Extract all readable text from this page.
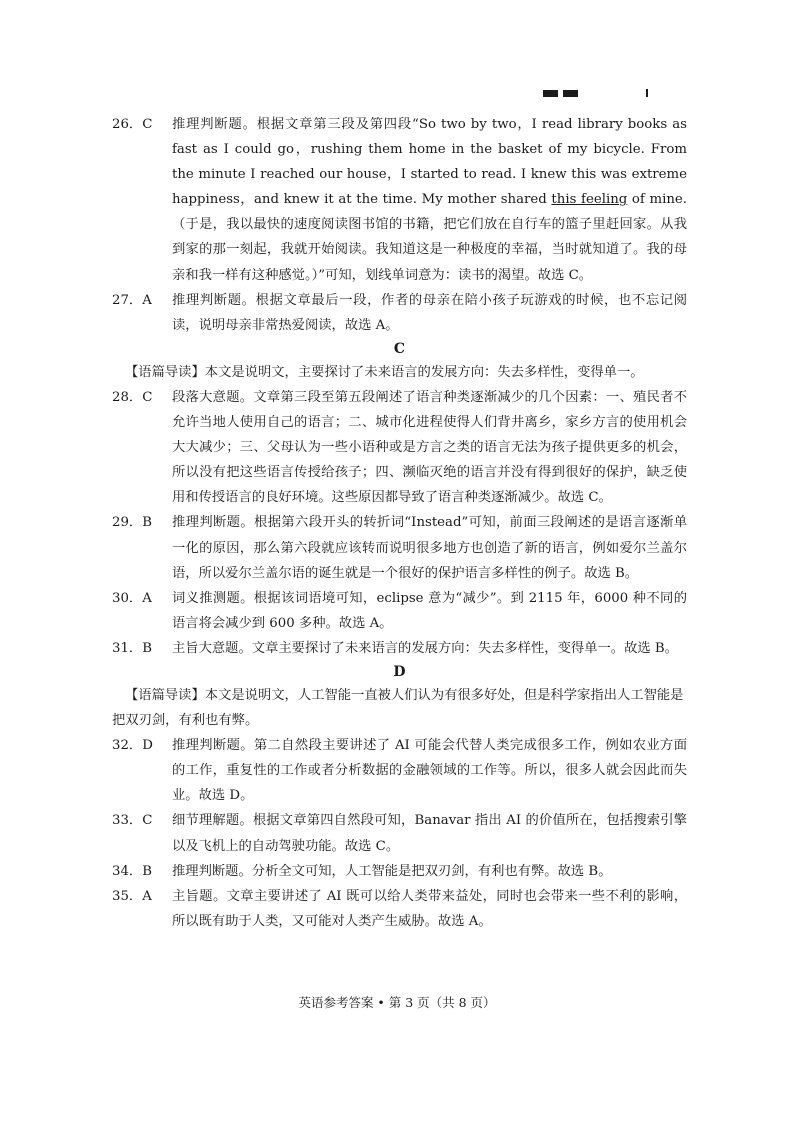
26．C 推理判断题。根据文章第三段及第四段“So two by two，I read library books as fast as I could go，rushing them home in the basket of my bicycle. From the minute I reached our house，I started to read. I knew this was extreme happiness，and knew it at the time. My mother shared this feeling of mine.（于是，我以最快的速度阅读图书馆的书籍，把它们放在自行车的篮子里赶回家。从我到家的那一刻起，我就开始阅读。我知道这是一种极度的幸福，当时就知道了。我的母亲和我一样有这种感觉。）”可知，划线单词意为：读书的渴望。故选 C。

27．A 推理判断题。根据文章最后一段，作者的母亲在陪小孩子玩游戏的时候，也不忘记阅读，说明母亲非常热爱阅读，故选 A。

C

【语篇导读】本文是说明文，主要探讨了未来语言的发展方向：失去多样性，变得单一。

28．C 段落大意题。文章第三段至第五段阐述了语言种类逐渐减少的几个因素：一、殖民者不允许当地人使用自己的语言；二、城市化进程使得人们背井离乡，家乡方言的使用机会大大减少；三、父母认为一些小语种或是方言之类的语言无法为孩子提供更多的机会，所以没有把这些语言传授给孩子；四、濒临灭绝的语言并没有得到很好的保护，缺乏使用和传授语言的良好环境。这些原因都导致了语言种类逐渐减少。故选 C。

29．B 推理判断题。根据第六段开头的转折词“Instead”可知，前面三段阐述的是语言逐渐单一化的原因，那么第六段就应该转而说明很多地方也创造了新的语言，例如爱尔兰盖尔语，所以爱尔兰盖尔语的诞生就是一个很好的保护语言多样性的例子。故选 B。

30．A 词义推测题。根据该词语境可知，eclipse 意为“减少”。到 2115 年，6000 种不同的语言将会减少到 600 多种。故选 A。

31．B 主旨大意题。文章主要探讨了未来语言的发展方向：失去多样性，变得单一。故选 B。

D

【语篇导读】本文是说明文，人工智能一直被人们认为有很多好处，但是科学家指出人工智能是把双刃剑，有利也有弊。

32．D 推理判断题。第二自然段主要讲述了 AI 可能会代替人类完成很多工作，例如农业方面的工作，重复性的工作或者分析数据的金融领域的工作等。所以，很多人就会因此而失业。故选 D。

33．C 细节理解题。根据文章第四自然段可知，Banavar 指出 AI 的价值所在，包括搜索引擎以及飞机上的自动驾驶功能。故选 C。

34．B 推理判断题。分析全文可知，人工智能是把双刃剑，有利也有弊。故选 B。

35．A 主旨题。文章主要讲述了 AI 既可以给人类带来益处，同时也会带来一些不利的影响，所以既有助于人类，又可能对人类产生威胁。故选 A。

英语参考答案 • 第 3 页（共 8 页）
